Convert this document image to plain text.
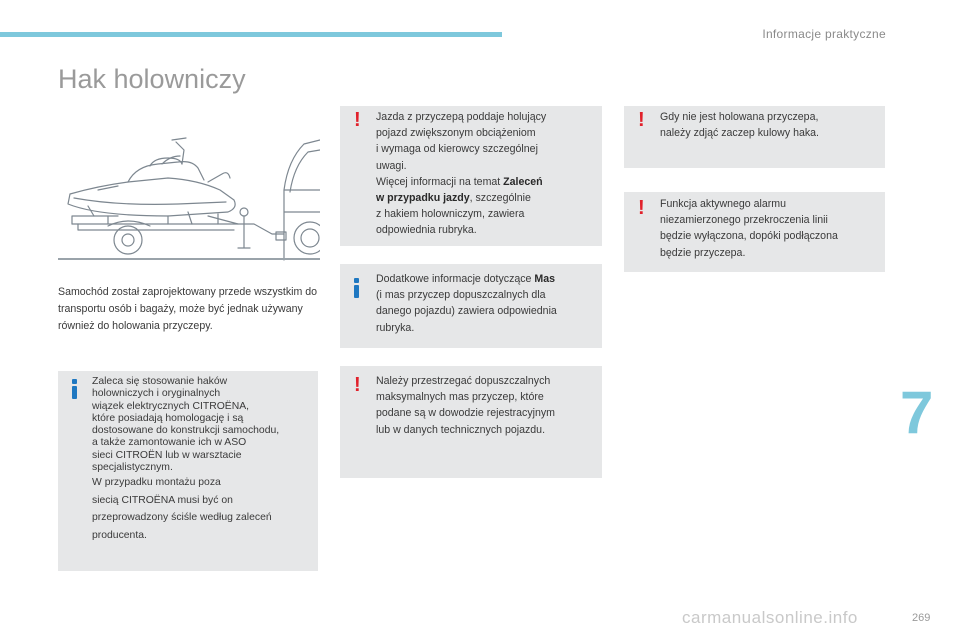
Informacje praktyczne
Hak holowniczy

Samochód został zaprojektowany przede wszystkim do transportu osób i bagaży, może być jednak używany również do holowania przyczepy.

Zaleca się stosowanie haków
holowniczych i oryginalnych
wiązek elektrycznych CITROËNA,
które posiadają homologację i są
dostosowane do konstrukcji samochodu,
a także zamontowanie ich w ASO
sieci CITROËN lub w warsztacie
specjalistycznym.
W przypadku montażu poza
siecią CITROËNA musi być on
przeprowadzony ściśle według zaleceń
producenta.
! Jazda z przyczepą poddaje holujący
pojazd zwiększonym obciążeniom
i wymaga od kierowcy szczególnej
uwagi.
Więcej informacji na temat Zaleceń
w przypadku jazdy, szczególnie
z hakiem holowniczym, zawiera
odpowiednia rubryka.
Dodatkowe informacje dotyczące Mas
(i mas przyczep dopuszczalnych dla
danego pojazdu) zawiera odpowiednia
rubryka.
! Należy przestrzegać dopuszczalnych
maksymalnych mas przyczep, które
podane są w dowodzie rejestracyjnym
lub w danych technicznych pojazdu.
! Gdy nie jest holowana przyczepa,
należy zdjąć zaczep kulowy haka.
! Funkcja aktywnego alarmu
niezamierzonego przekroczenia linii
będzie wyłączona, dopóki podłączona
będzie przyczepa.
7
carmanualsonline.info	269
